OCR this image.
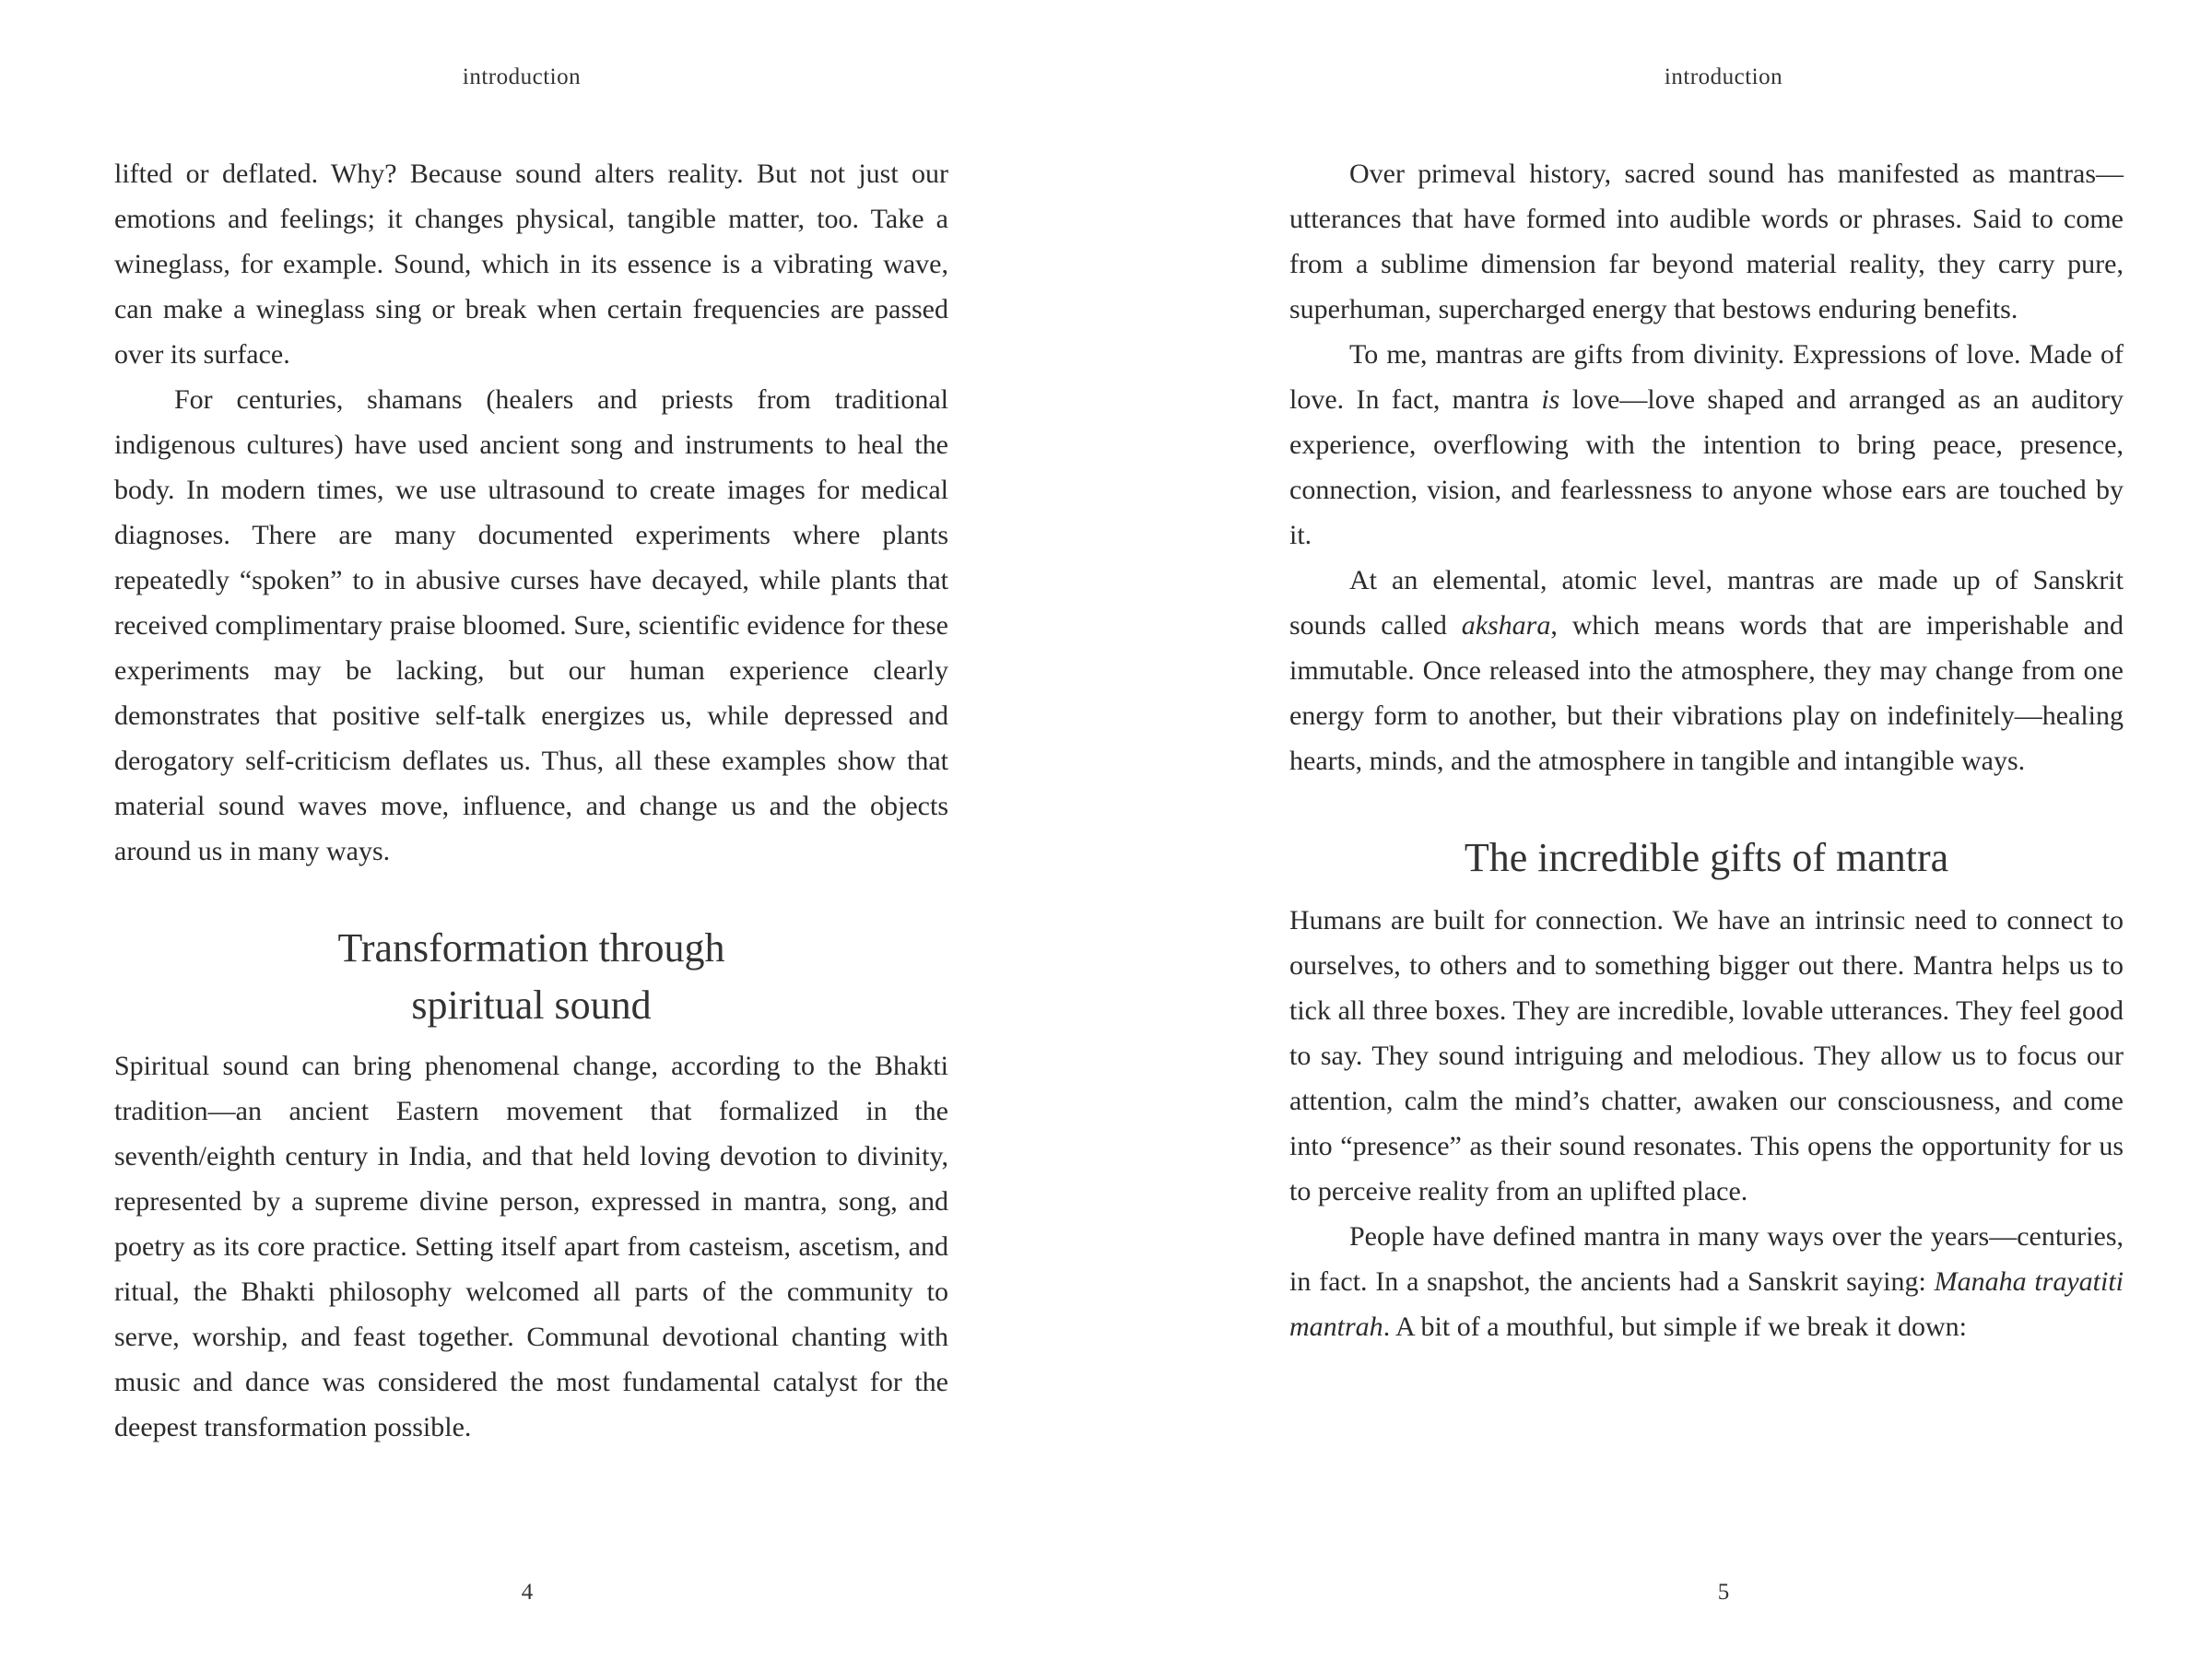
introduction

lifted or deflated. Why? Because sound alters reality. But not just our emotions and feelings; it changes physical, tangible matter, too. Take a wineglass, for example. Sound, which in its essence is a vibrating wave, can make a wineglass sing or break when certain frequencies are passed over its surface.

For centuries, shamans (healers and priests from traditional indigenous cultures) have used ancient song and instruments to heal the body. In modern times, we use ultrasound to create images for medical diagnoses. There are many documented experiments where plants repeatedly “spoken” to in abusive curses have decayed, while plants that received complimentary praise bloomed. Sure, scientific evidence for these experiments may be lacking, but our human experience clearly demonstrates that positive self-talk energizes us, while depressed and derogatory self-criticism deflates us. Thus, all these examples show that material sound waves move, influence, and change us and the objects around us in many ways.

Transformation through
spiritual sound

Spiritual sound can bring phenomenal change, according to the Bhakti tradition—an ancient Eastern movement that formalized in the seventh/eighth century in India, and that held loving devotion to divinity, represented by a supreme divine person, expressed in mantra, song, and poetry as its core practice. Setting itself apart from casteism, ascetism, and ritual, the Bhakti philosophy welcomed all parts of the community to serve, worship, and feast together. Communal devotional chanting with music and dance was considered the most fundamental catalyst for the deepest transformation possible.

4
introduction

Over primeval history, sacred sound has manifested as mantras—utterances that have formed into audible words or phrases. Said to come from a sublime dimension far beyond material reality, they carry pure, superhuman, supercharged energy that bestows enduring benefits.

To me, mantras are gifts from divinity. Expressions of love. Made of love. In fact, mantra is love—love shaped and arranged as an auditory experience, overflowing with the intention to bring peace, presence, connection, vision, and fearlessness to anyone whose ears are touched by it.

At an elemental, atomic level, mantras are made up of Sanskrit sounds called akshara, which means words that are imperishable and immutable. Once released into the atmosphere, they may change from one energy form to another, but their vibrations play on indefinitely—healing hearts, minds, and the atmosphere in tangible and intangible ways.

The incredible gifts of mantra

Humans are built for connection. We have an intrinsic need to connect to ourselves, to others and to something bigger out there. Mantra helps us to tick all three boxes. They are incredible, lovable utterances. They feel good to say. They sound intriguing and melodious. They allow us to focus our attention, calm the mind’s chatter, awaken our consciousness, and come into “presence” as their sound resonates. This opens the opportunity for us to perceive reality from an uplifted place.

People have defined mantra in many ways over the years—centuries, in fact. In a snapshot, the ancients had a Sanskrit saying: Manaha trayatiti mantrah. A bit of a mouthful, but simple if we break it down:

5
